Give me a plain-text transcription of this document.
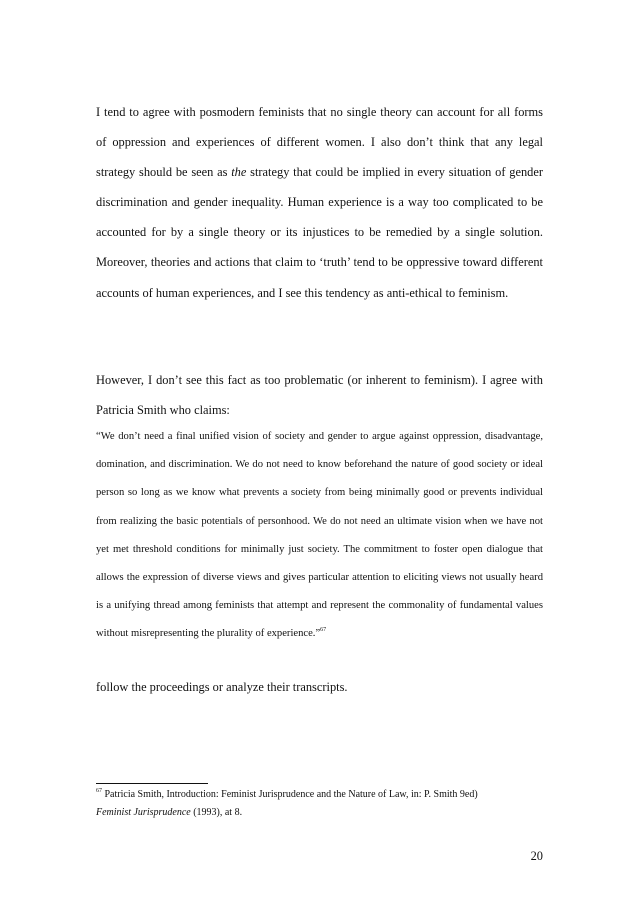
I tend to agree with posmodern feminists that no single theory can account for all forms of oppression and experiences of different women. I also don’t think that any legal strategy should be seen as the strategy that could be implied in every situation of gender discrimination and gender inequality. Human experience is a way too complicated to be accounted for by a single theory or its injustices to be remedied by a single solution. Moreover, theories and actions that claim to ‘truth’ tend to be oppressive toward different accounts of human experiences, and I see this tendency as anti-ethical to feminism.

However, I don’t see this fact as too problematic (or inherent to feminism). I agree with Patricia Smith who claims:

“We don’t need a final unified vision of society and gender to argue against oppression, disadvantage, domination, and discrimination. We do not need to know beforehand the nature of good society or ideal person so long as we know what prevents a society from being minimally good or prevents individual from realizing the basic potentials of personhood. We do not need an ultimate vision when we have not yet met threshold conditions for minimally just society. The commitment to foster open dialogue that allows the expression of diverse views and gives particular attention to eliciting views not usually heard is a unifying thread among feminists that attempt and represent the commonality of fundamental values without misrepresenting the plurality of experience.”$^{67}$

follow the proceedings or analyze their transcripts.

$^{67}$ Patricia Smith, Introduction: Feminist Jurisprudence and the Nature of Law, in: P. Smith 9ed)
Feminist Jurisprudence (1993), at 8.

20
